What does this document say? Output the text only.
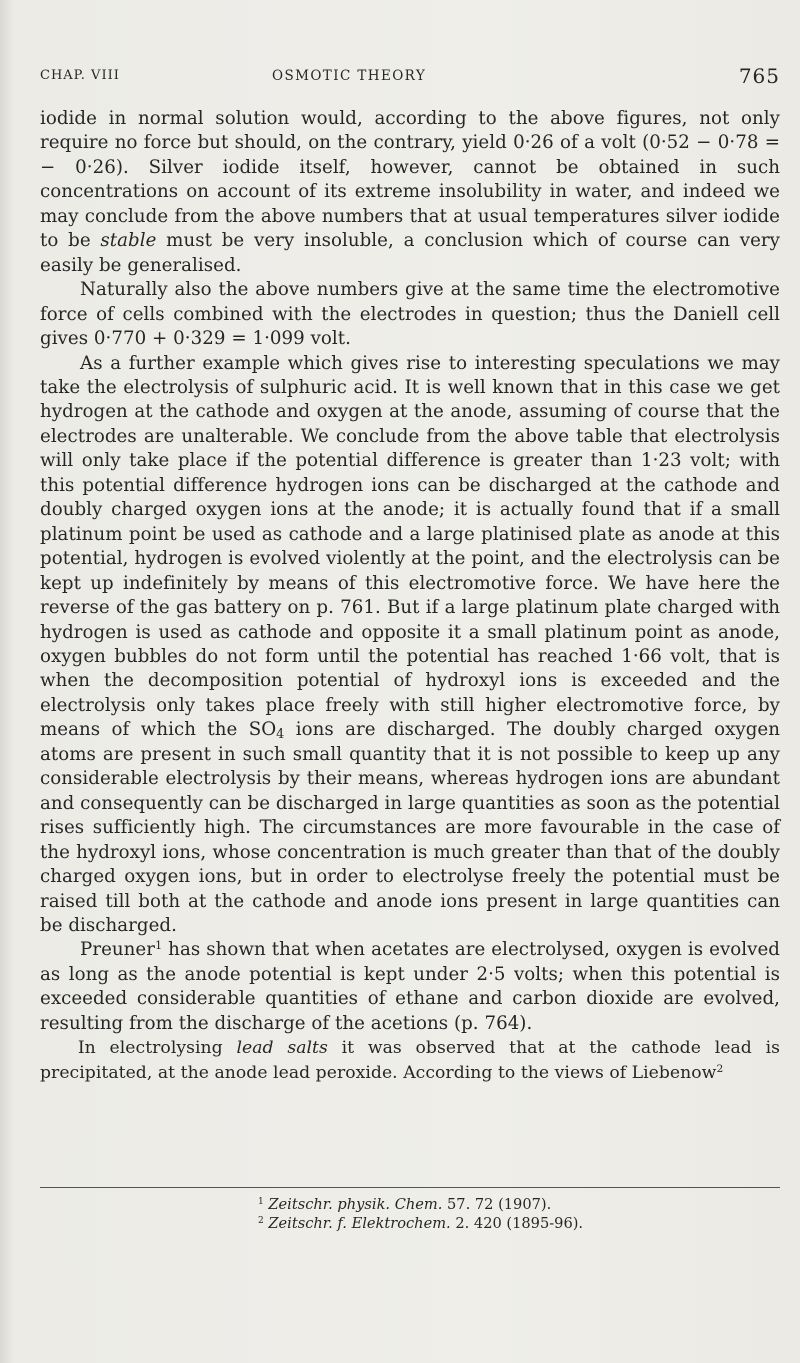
CHAP. VIII	OSMOTIC THEORY	765

iodide in normal solution would, according to the above figures, not only require no force but should, on the contrary, yield 0·26 of a volt (0·52 − 0·78 = − 0·26). Silver iodide itself, however, cannot be obtained in such concentrations on account of its extreme insolubility in water, and indeed we may conclude from the above numbers that at usual temperatures silver iodide to be stable must be very insoluble, a conclusion which of course can very easily be generalised.

Naturally also the above numbers give at the same time the electromotive force of cells combined with the electrodes in question; thus the Daniell cell gives 0·770 + 0·329 = 1·099 volt.

As a further example which gives rise to interesting speculations we may take the electrolysis of sulphuric acid. It is well known that in this case we get hydrogen at the cathode and oxygen at the anode, assuming of course that the electrodes are unalterable. We conclude from the above table that electrolysis will only take place if the potential difference is greater than 1·23 volt; with this potential difference hydrogen ions can be discharged at the cathode and doubly charged oxygen ions at the anode; it is actually found that if a small platinum point be used as cathode and a large platinised plate as anode at this potential, hydrogen is evolved violently at the point, and the electrolysis can be kept up indefinitely by means of this electromotive force. We have here the reverse of the gas battery on p. 761. But if a large platinum plate charged with hydrogen is used as cathode and opposite it a small platinum point as anode, oxygen bubbles do not form until the potential has reached 1·66 volt, that is when the decomposition potential of hydroxyl ions is exceeded and the electrolysis only takes place freely with still higher electromotive force, by means of which the $SO_4$ ions are discharged. The doubly charged oxygen atoms are present in such small quantity that it is not possible to keep up any considerable electrolysis by their means, whereas hydrogen ions are abundant and consequently can be discharged in large quantities as soon as the potential rises sufficiently high. The circumstances are more favourable in the case of the hydroxyl ions, whose concentration is much greater than that of the doubly charged oxygen ions, but in order to electrolyse freely the potential must be raised till both at the cathode and anode ions present in large quantities can be discharged.

Preuner$^1$ has shown that when acetates are electrolysed, oxygen is evolved as long as the anode potential is kept under 2·5 volts; when this potential is exceeded considerable quantities of ethane and carbon dioxide are evolved, resulting from the discharge of the acetions (p. 764).

In electrolysing lead salts it was observed that at the cathode lead is precipitated, at the anode lead peroxide. According to the views of Liebenow$^2$

$^1$ Zeitschr. physik. Chem. 57. 72 (1907).
$^2$ Zeitschr. f. Elektrochem. 2. 420 (1895-96).
